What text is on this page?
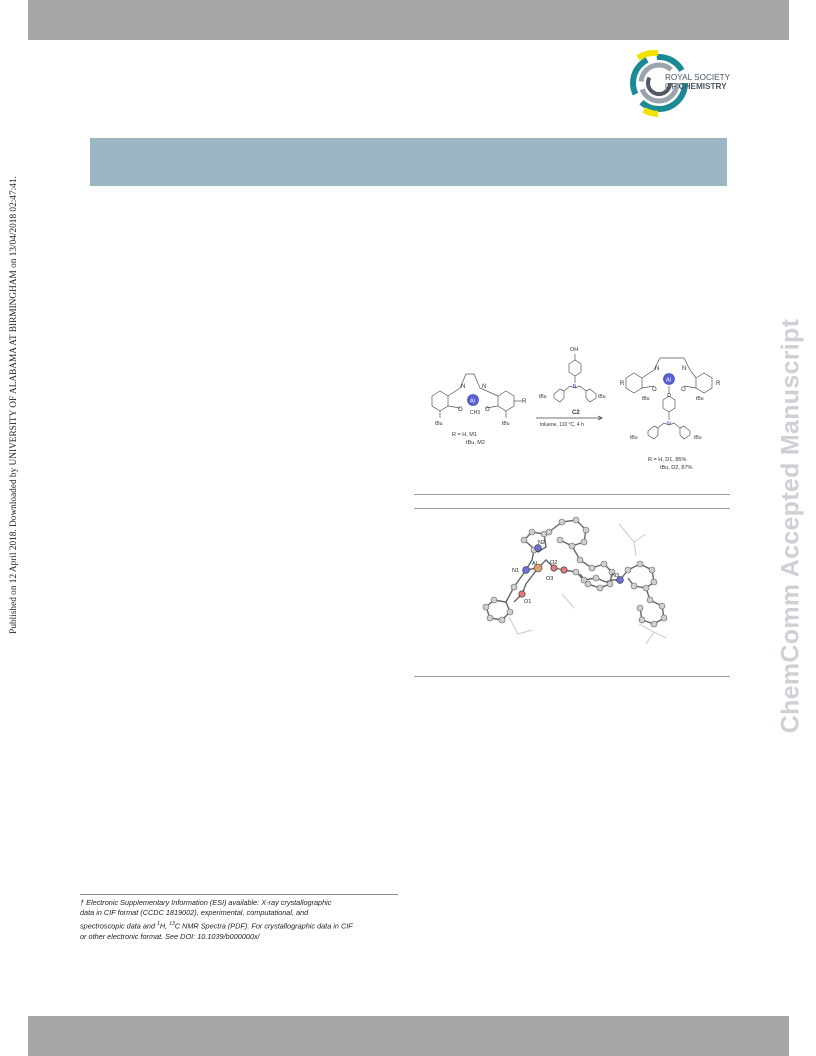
Published on 12 April 2018. Downloaded by UNIVERSITY OF ALABAMA AT BIRMINGHAM on 13/04/2018 02:47:41.
ROYAL SOCIETY
OF CHEMISTRY
ChemComm Accepted Manuscript
Al
N	N
O	O
CH3
R
tBu	tBu
R = H, M1
tBu, M2
OH
N
tBu	tBu
C2
toluene, 110 °C, 4 h
Al
N	N
O	O
O
N
R	R
tBu	tBu
tBu	tBu
R = H, D1, 85%
tBu, D2, 87%
N1
N2
N3
Al
O1
O2
O3
† Electronic Supplementary Information (ESI) available: X-ray crystallographic
data in CIF format (CCDC 1819002), experimental, computational, and
spectroscopic data and $^1$H, $^{13}$C NMR Spectra (PDF). For crystallographic data in CIF
or other electronic format. See DOI: 10.1039/b000000x/
